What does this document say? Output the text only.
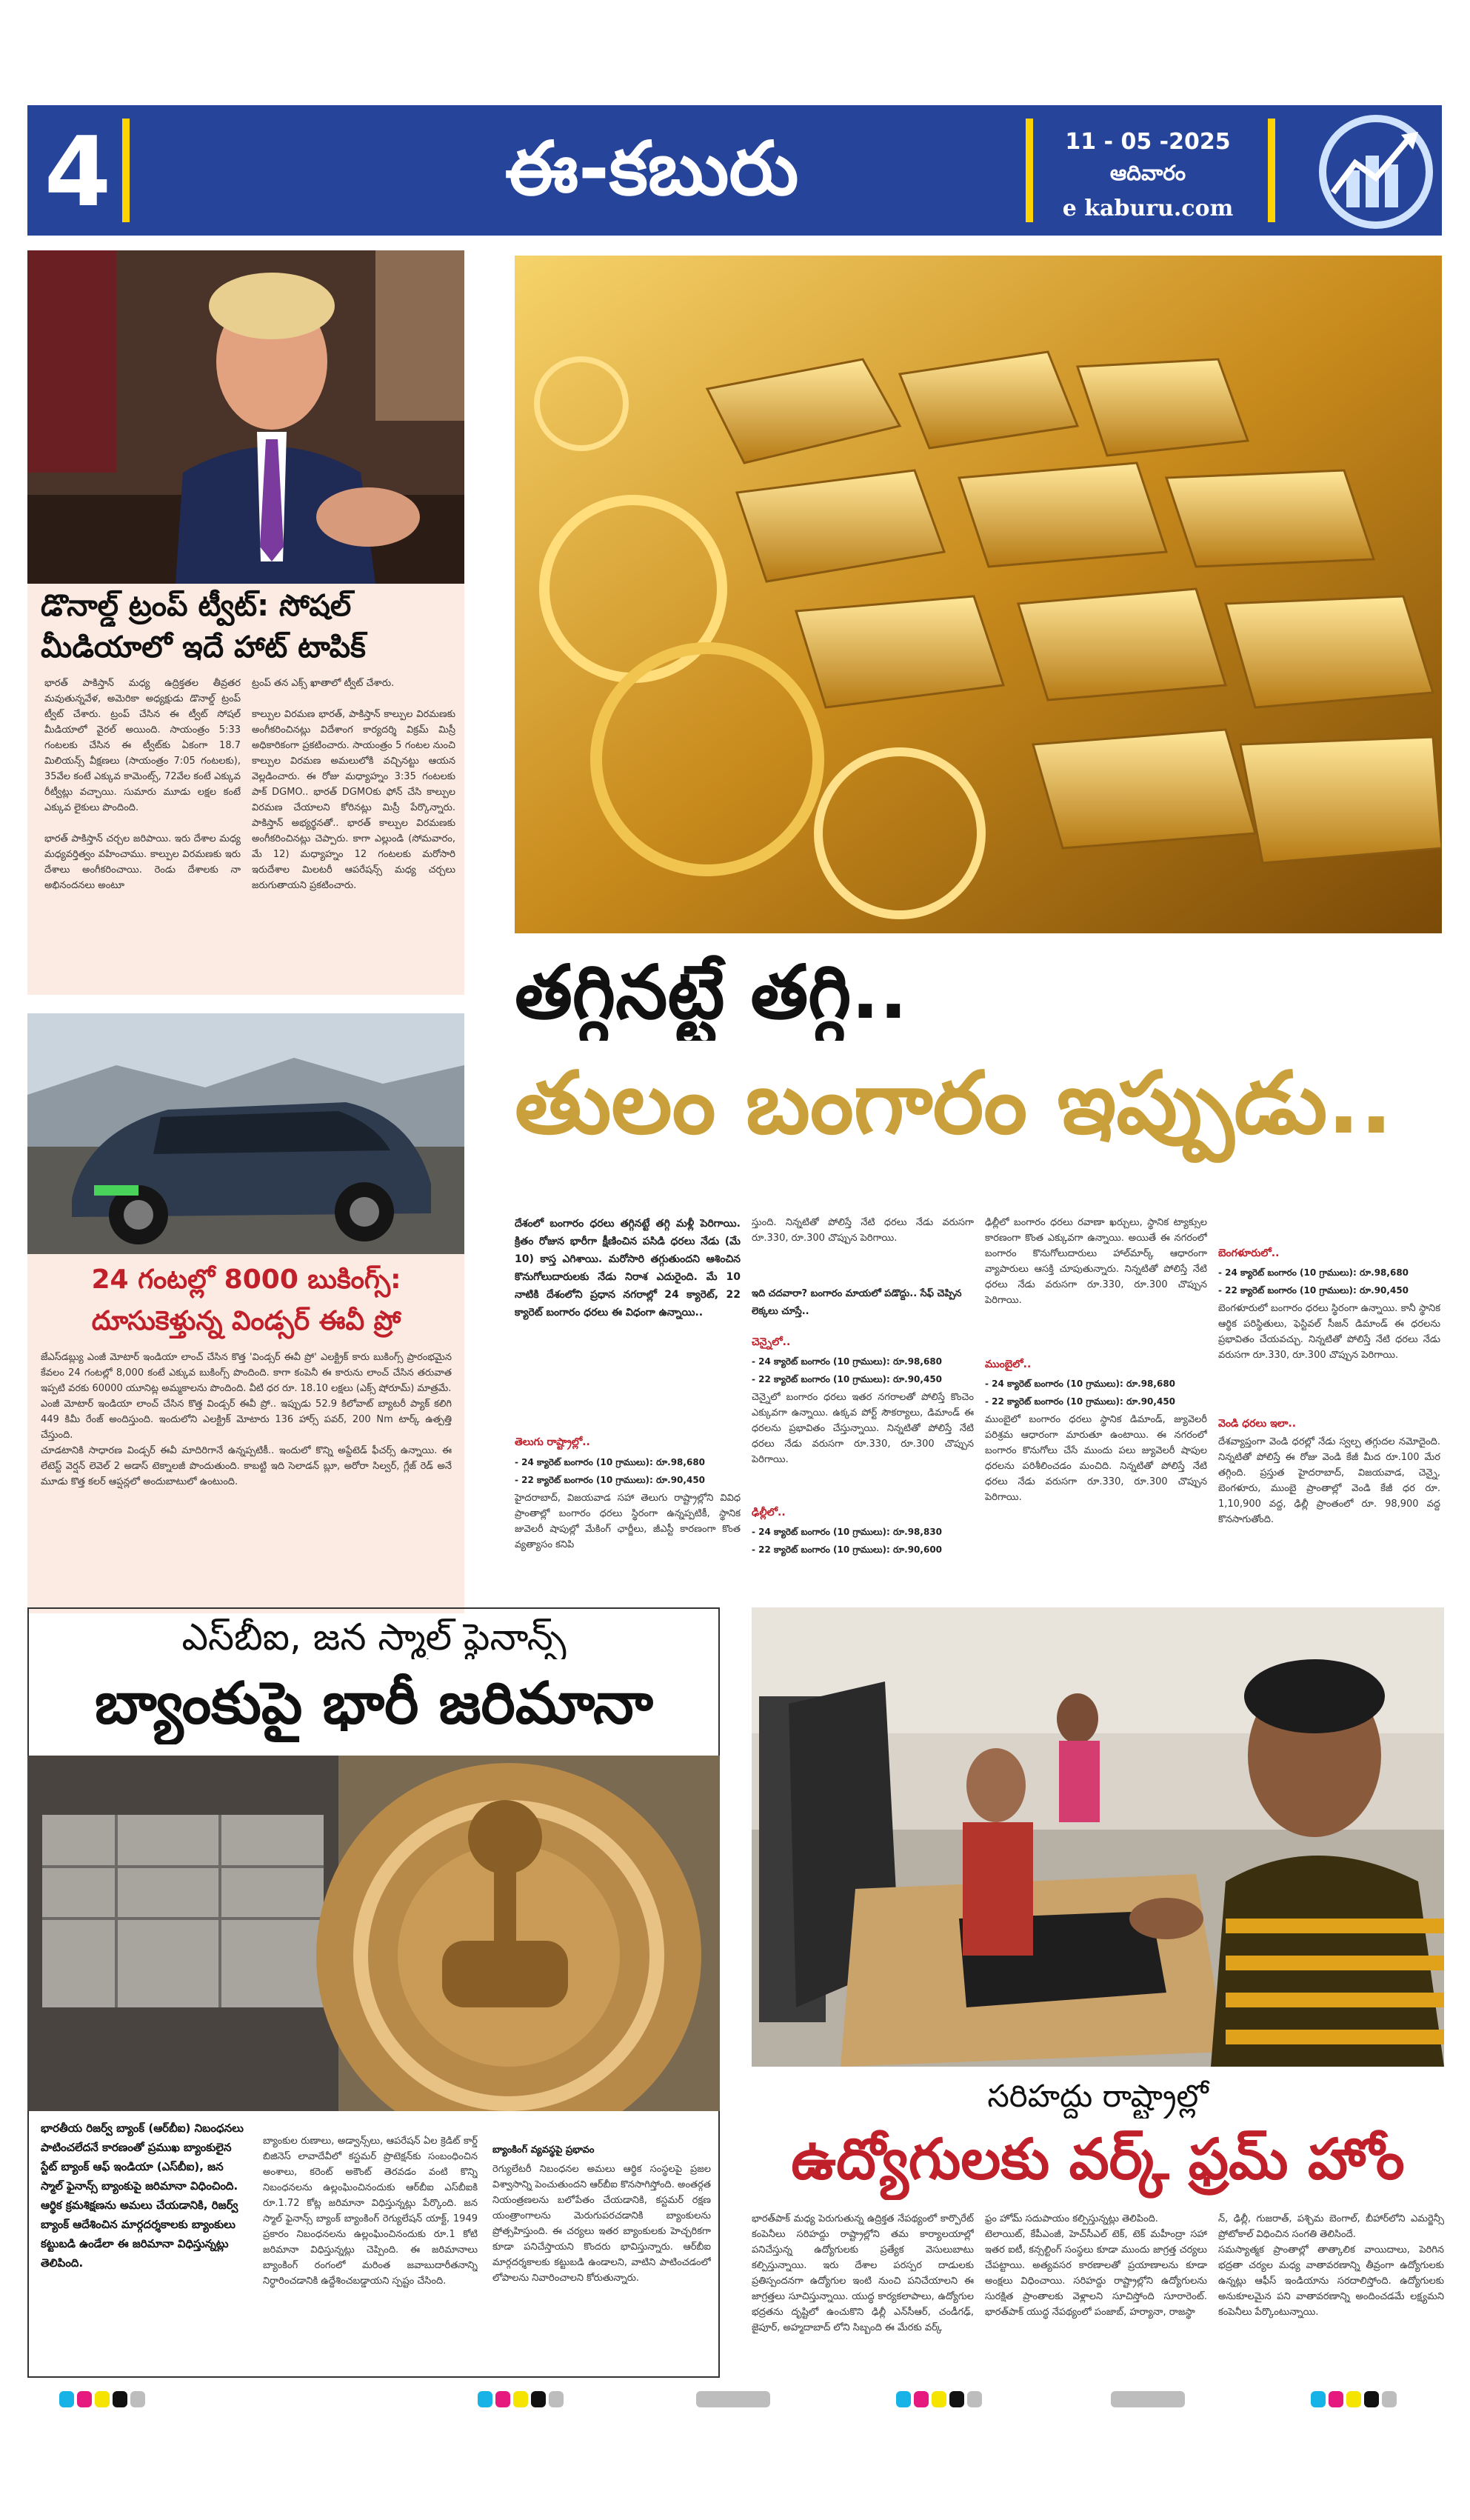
4	ఈ-కబురు	11 - 05 -2025
ఆదివారం
e kaburu.com
డొనాల్డ్ ట్రంప్ ట్వీట్: సోషల్
మీడియాలో ఇదే హాట్ టాపిక్
భారత్ పాకిస్తాన్ మధ్య ఉద్రిక్తతల తీవ్రతర మవుతున్నవేళ, అమెరికా అధ్యక్షుడు డొనాల్డ్ ట్రంప్ ట్వీట్ చేశారు. ట్రంప్ చేసిన ఈ ట్వీట్ సోషల్ మీడియాలో వైరల్ అయింది. సాయంత్రం 5:33 గంటలకు చేసిన ఈ ట్వీట్‌కు ఏకంగా 18.7 మిలియన్స్ వీక్షణలు (సాయంత్రం 7:05 గంటలకు), 35వేల కంటే ఎక్కువ కామెంట్స్, 72వేల కంటే ఎక్కువ రీట్వీట్లు వచ్చాయి. సుమారు మూడు లక్షల కంటే ఎక్కువ లైకులు పొందింది.

భారత్ పాకిస్తాన్ చర్చల జరిపాయి. ఇరు దేశాల మధ్య మధ్యవర్తిత్వం వహించాము. కాల్పుల విరమణకు ఇరు దేశాలు అంగీకరించాయి. రెండు దేశాలకు నా అభినందనలు అంటూ
ట్రంప్ తన ఎక్స్ ఖాతాలో ట్వీట్ చేశారు.

కాల్పుల విరమణ భారత్, పాకిస్తాన్ కాల్పుల విరమణకు అంగీకరించినట్లు విదేశాంగ కార్యదర్శి విక్రమ్ మిస్రీ అధికారికంగా ప్రకటించారు. సాయంత్రం 5 గంటల నుంచి కాల్పుల విరమణ అమలులోకి వచ్చినట్టు ఆయన వెల్లడించారు. ఈ రోజు మధ్యాహ్నం 3:35 గంటలకు పాక్ DGMO.. భారత్ DGMOకు ఫోన్ చేసి కాల్పుల విరమణ చేయాలని కోరినట్లు మిస్రీ పేర్కొన్నారు. పాకిస్తాన్ అభ్యర్థనతో.. భారత్ కాల్పుల విరమణకు అంగీకరించినట్లు చెప్పారు. కాగా ఎల్లుండి (సోమవారం, మే 12) మధ్యాహ్నం 12 గంటలకు మరోసారి ఇరుదేశాల మిలటరీ ఆపరేషన్స్ మధ్య చర్చలు జరుగుతాయని ప్రకటించారు.
24 గంటల్లో 8000 బుకింగ్స్:
దూసుకెళ్తున్న విండ్సర్ ఈవీ ప్రో
జేఎస్‌డబ్ల్యు ఎంజీ మోటార్ ఇండియా లాంచ్ చేసిన కొత్త 'విండ్సర్ ఈవీ ప్రో' ఎలక్ట్రిక్ కారు బుకింగ్స్ ప్రారంభమైన కేవలం 24 గంటల్లో 8,000 కంటే ఎక్కువ బుకింగ్స్ పొందింది. కాగా కంపెనీ ఈ కారును లాంచ్ చేసిన తరువాత ఇప్పటి వరకు 60000 యూనిట్ల అమ్మకాలను పొందింది. వీటి ధర రూ. 18.10 లక్షలు (ఎక్స్ షోరూమ్) మాత్రమే.
ఎంజీ మోటార్ ఇండియా లాంచ్ చేసిన కొత్త విండ్సర్ ఈవీ ప్రో.. ఇప్పుడు 52.9 కిలోవాట్ బ్యాటరీ ప్యాక్ కలిగి 449 కిమీ రేంజ్ అందిస్తుంది. ఇందులోని ఎలక్ట్రిక్ మోటారు 136 హార్స్ పవర్, 200 Nm టార్క్ ఉత్పత్తి చేస్తుంది.
చూడటానికి సాధారణ విండ్సర్ ఈవీ మాదిరిగానే ఉన్నప్పటికీ.. ఇందులో కొన్ని అప్డేటెడ్ ఫీచర్స్ ఉన్నాయి. ఈ లేటెస్ట్ వెర్షన్ లెవెల్ 2 అడాస్ టెక్నాలజీ పొందుతుంది. కాబట్టి ఇది సెలాడన్ బ్లూ, అరోరా సిల్వర్, గ్లేజ్ రెడ్ అనే మూడు కొత్త కలర్ ఆప్షన్లలో అందుబాటులో ఉంటుంది.
తగ్గినట్టే తగ్గి..
తులం బంగారం ఇప్పుడు..
దేశంలో బంగారం ధరలు తగ్గినట్టే తగ్గి మళ్లీ పెరిగాయి. క్రితం రోజున భారీగా క్షీణించిన పసిడి ధరలు నేడు (మే 10) కాస్త ఎగిశాయి. మరోసారి తగ్గుతుందని ఆశించిన కొనుగోలుదారులకు నేడు నిరాశ ఎదురైంది. మే 10 నాటికి దేశంలోని ప్రధాన నగరాల్లో 24 క్యారెట్, 22 క్యారెట్ బంగారం ధరలు ఈ విధంగా ఉన్నాయి..
తెలుగు రాష్ట్రాల్లో..
- 24 క్యారెట్ బంగారం (10 గ్రాములు): రూ.98,680
- 22 క్యారెట్ బంగారం (10 గ్రాములు): రూ.90,450
హైదరాబాద్, విజయవాడ సహా తెలుగు రాష్ట్రాల్లోని వివిధ ప్రాంతాల్లో బంగారం ధరలు స్థిరంగా ఉన్నప్పటికీ, స్థానిక జువెలరీ షాపుల్లో మేకింగ్ ఛార్జీలు, జీఎస్టీ కారణంగా కొంత వ్యత్యాసం కనిపి
స్తుంది. నిన్నటితో పోలిస్తే నేటి ధరలు నేడు వరుసగా రూ.330, రూ.300 చొప్పున పెరిగాయి.
ఇది చదవారా? బంగారం మాయలో పడొద్దు.. సేఫ్ చెప్పిన లెక్కలు చూస్తే..
చెన్నైలో..
- 24 క్యారెట్ బంగారం (10 గ్రాములు): రూ.98,680
- 22 క్యారెట్ బంగారం (10 గ్రాములు): రూ.90,450
చెన్నైలో బంగారం ధరలు ఇతర నగరాలతో పోలిస్తే కొంచెం ఎక్కువగా ఉన్నాయి. ఉక్కవ పోర్ట్ సౌకర్యాలు, డిమాండ్ ఈ ధరలను ప్రభావితం చేస్తున్నాయి. నిన్నటితో పోలిస్తే నేటి ధరలు నేడు వరుసగా రూ.330, రూ.300 చొప్పున పెరిగాయి.
ఢిల్లీలో..
- 24 క్యారెట్ బంగారం (10 గ్రాములు): రూ.98,830
- 22 క్యారెట్ బంగారం (10 గ్రాములు): రూ.90,600
ఢిల్లీలో బంగారం ధరలు రవాణా ఖర్చులు, స్థానిక ట్యాక్సుల కారణంగా కొంత ఎక్కువగా ఉన్నాయి. అయితే ఈ నగరంలో బంగారం కొనుగోలుదారులు హాల్‌మార్క్ ఆధారంగా వ్యాపారులు ఆసక్తి చూపుతున్నారు. నిన్నటితో పోలిస్తే నేటి ధరలు నేడు వరుసగా రూ.330, రూ.300 చొప్పున పెరిగాయి.
ముంబైలో..
- 24 క్యారెట్ బంగారం (10 గ్రాములు): రూ.98,680
- 22 క్యారెట్ బంగారం (10 గ్రాములు): రూ.90,450
ముంబైలో బంగారం ధరలు స్థానిక డిమాండ్, జ్యువెలరీ పరిశ్రమ ఆధారంగా మారుతూ ఉంటాయి. ఈ నగరంలో బంగారం కొనుగోలు చేసే ముందు పలు జ్యువెలరీ షాపుల ధరలను పరిశీలించడం మంచిది. నిన్నటితో పోలిస్తే నేటి ధరలు నేడు వరుసగా రూ.330, రూ.300 చొప్పున పెరిగాయి.
బెంగళూరులో..
- 24 క్యారెట్ బంగారం (10 గ్రాములు): రూ.98,680
- 22 క్యారెట్ బంగారం (10 గ్రాములు): రూ.90,450
బెంగళూరులో బంగారం ధరలు స్థిరంగా ఉన్నాయి. కానీ స్థానిక ఆర్థిక పరిస్థితులు, ఫెస్టివల్ సీజన్ డిమాండ్ ఈ ధరలను ప్రభావితం చేయవచ్చు. నిన్నటితో పోలిస్తే నేటి ధరలు నేడు వరుసగా రూ.330, రూ.300 చొప్పున పెరిగాయి.
వెండి ధరలు ఇలా..
దేశవ్యాప్తంగా వెండి ధరల్లో నేడు స్వల్ప తగ్గుదల నమోదైంది. నిన్నటితో పోలిస్తే ఈ రోజు వెండి కేజీ మీద రూ.100 మేర తగ్గింది. ప్రస్తుత హైదరాబాద్, విజయవాడ, చెన్నై, బెంగళూరు, ముంబై ప్రాంతాల్లో వెండి కేజీ ధర రూ. 1,10,900 వద్ద, ఢిల్లీ ప్రాంతంలో రూ. 98,900 వద్ద కొనసాగుతోంది.
ఎస్‌బీఐ, జన స్మాల్ ఫైనాన్స్
బ్యాంకుపై భారీ జరిమానా
భారతీయ రిజర్వ్ బ్యాంక్ (ఆర్‌బీఐ) నిబంధనలు పాటించలేదనే కారణంతో ప్రముఖ బ్యాంకులైన స్టేట్ బ్యాంక్ ఆఫ్ ఇండియా (ఎస్‌బీఐ), జన స్మాల్ ఫైనాన్స్ బ్యాంకుపై జరిమానా విధించింది. ఆర్థిక క్రమశిక్షణను అమలు చేయడానికి, రిజర్వ్ బ్యాంక్ ఆదేశించిన మార్గదర్శకాలకు బ్యాంకులు కట్టుబడి ఉండేలా ఈ జరిమానా విధిస్తున్నట్లు తెలిపింది.
బ్యాంకుల రుణాలు, అడ్వాన్స్‌లు, ఆపరేషన్ ఏల క్రెడిట్ కార్డ్ బిజినెస్ లావాదేవీలో కస్టమర్ ప్రొటెక్షన్‌కు సంబంధించిన అంశాలు, కరెంట్ అకౌంట్ తెరవడం వంటి కొన్ని నిబంధనలను ఉల్లంఘించినందుకు ఆర్‌బీఐ ఎస్‌బీఐకి రూ.1.72 కోట్ల జరిమానా విధిస్తున్నట్లు పేర్కొంది. జన స్మాల్ ఫైనాన్స్ బ్యాంక్ బ్యాంకింగ్ రెగ్యులేషన్ యాక్ట్, 1949 ప్రకారం నిబంధనలను ఉల్లంఘించినందుకు రూ.1 కోటి జరిమానా విధిస్తున్నట్లు చెప్పింది. ఈ జరిమానాలు బ్యాంకింగ్ రంగంలో మరింత జవాబుదారీతనాన్ని నిర్ధారించడానికి ఉద్దేశించబడ్డాయని స్పష్టం చేసింది.
బ్యాంకింగ్ వ్యవస్థపై ప్రభావం
రెగ్యులేటరీ నిబంధనల అమలు ఆర్థిక సంస్థలపై ప్రజల విశ్వాసాన్ని పెంచుతుందని ఆర్‌బీఐ కొనసాగిస్తోంది. అంతర్గత నియంత్రణలను బలోపేతం చేయడానికి, కస్టమర్ రక్షణ యంత్రాంగాలను మెరుగుపరచడానికి బ్యాంకులను ప్రోత్సహిస్తుంది. ఈ చర్యలు ఇతర బ్యాంకులకు హెచ్చరికగా కూడా పనిచేస్తాయని కొందరు భావిస్తున్నారు. ఆర్‌బీఐ మార్గదర్శకాలకు కట్టుబడి ఉండాలని, వాటిని పాటించడంలో లోపాలను నివారించాలని కోరుతున్నారు.
సరిహద్దు రాష్ట్రాల్లో
ఉద్యోగులకు వర్క్ ఫ్రమ్ హోం
భారత్‌పాక్ మధ్య పెరుగుతున్న ఉద్రిక్తత నేపథ్యంలో కార్పొరేట్ కంపెనీలు సరిహద్దు రాష్ట్రాల్లోని తమ కార్యాలయాల్లో పనిచేస్తున్న ఉద్యోగులకు ప్రత్యేక వెసులుబాటు కల్పిస్తున్నాయి. ఇరు దేశాల పరస్పర దాడులకు ప్రతిస్పందనగా ఉద్యోగుల ఇంటి నుంచి పనిచేయాలని ఈ జాగ్రత్తలు సూచిస్తున్నాయి. యుద్ధ కార్యకలాపాలు, ఉద్యోగుల భద్రతను దృష్టిలో ఉంచుకొని ఢిల్లీ ఎన్‌సీఆర్, చండీగఢ్, జైపూర్, అహ్మదాబాద్ లోని సిబ్బంది ఈ మేరకు వర్క్
ఫ్రం హోమ్ సదుపాయం కల్పిస్తున్నట్లు తెలిపింది.
టెలాయిట్, కేపీఎంజీ, హెచ్‌సీఎల్ టెక్, టెక్ మహీంద్రా సహా ఇతర ఐటీ, కన్సల్టింగ్ సంస్థలు కూడా ముందు జాగ్రత్త చర్యలు చేపట్టాయి. అత్యవసర కారణాలతో ప్రయాణాలను కూడా అంక్షలు విధించాయి. సరిహద్దు రాష్ట్రాల్లోని ఉద్యోగులను సురక్షిత ప్రాంతాలకు వెళ్లాలని సూచిస్తోంది సూరారెంట్. భారత్‌పాక్ యుద్ధ నేపథ్యంలో పంజాబ్, హర్యానా, రాజస్థా
న్, ఢిల్లీ, గుజరాత్, పశ్చిమ బెంగాల్, బీహార్‌లోని ఎమర్జెన్సీ ప్రోటోకాల్ విధించిన సంగతి తెలిసిందే.
సమస్యాత్మక ప్రాంతాల్లో తాత్కాలిక వాయిదాలు, పెరిగిన భద్రతా చర్యల మధ్య వాతావరణాన్ని తీవ్రంగా ఉద్యోగులకు ఉన్నట్లు ఆఫీస్ ఇండియాను సరదాలిస్తోంది. ఉద్యోగులకు అనుకూలమైన పని వాతావరణాన్ని అందించడమే లక్ష్యమని కంపెనీలు పేర్కొంటున్నాయి.
